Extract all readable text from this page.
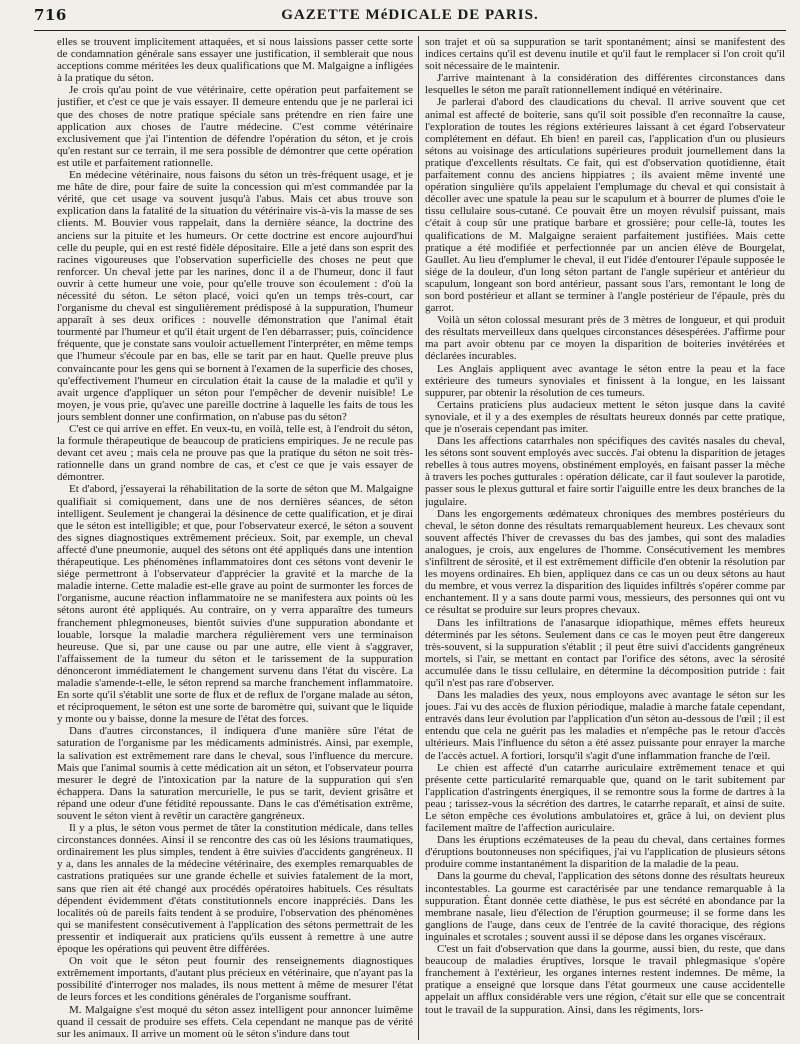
716	GAZETTE MéDICALE DE PARIS.

elles se trouvent implicitement attaquées, et si nous laissions passer cette sorte de condamnation générale sans essayer une justification, il semblerait que nous acceptions comme méritées les deux qualifications que M. Malgaigne a infligées à la pratique du séton.

Je crois qu'au point de vue vétérinaire, cette opération peut parfaitement se justifier, et c'est ce que je vais essayer. Il demeure entendu que je ne parlerai ici que des choses de notre pratique spéciale sans prétendre en rien faire une application aux choses de l'autre médecine. C'est comme vétérinaire exclusivement que j'ai l'intention de défendre l'opération du séton, et je crois qu'en restant sur ce terrain, il me sera possible de démontrer que cette opération est utile et parfaitement rationnelle.

En médecine vétérinaire, nous faisons du séton un très-fréquent usage, et je me hâte de dire, pour faire de suite la concession qui m'est commandée par la vérité, que cet usage va souvent jusqu'à l'abus. Mais cet abus trouve son explication dans la fatalité de la situation du vétérinaire vis-à-vis la masse de ses clients. M. Bouvier vous rappelait, dans la dernière séance, la doctrine des anciens sur la pituite et les humeurs. Or cette doctrine est encore aujourd'hui celle du peuple, qui en est resté fidèle dépositaire. Elle a jeté dans son esprit des racines vigoureuses que l'observation superficielle des choses ne peut que renforcer. Un cheval jette par les narines, donc il a de l'humeur, donc il faut ouvrir à cette humeur une voie, pour qu'elle trouve son écoulement : d'où la nécessité du séton. Le séton placé, voici qu'en un temps très-court, car l'organisme du cheval est singulièrement prédisposé à la suppuration, l'humeur apparaît à ses deux orifices : nouvelle démonstration que l'animal était tourmenté par l'humeur et qu'il était urgent de l'en débarrasser; puis, coïncidence fréquente, que je constate sans vouloir actuellement l'interpréter, en même temps que l'humeur s'écoule par en bas, elle se tarit par en haut. Quelle preuve plus convaincante pour les gens qui se bornent à l'examen de la superficie des choses, qu'effectivement l'humeur en circulation était la cause de la maladie et qu'il y avait urgence d'appliquer un séton pour l'empêcher de devenir nuisible! Le moyen, je vous prie, qu'avec une pareille doctrine à laquelle les faits de tous les jours semblent donner une confirmation, on n'abuse pas du séton?

C'est ce qui arrive en effet. En veux-tu, en voilà, telle est, à l'endroit du séton, la formule thérapeutique de beaucoup de praticiens empiriques. Je ne recule pas devant cet aveu ; mais cela ne prouve pas que la pratique du séton ne soit très-rationnelle dans un grand nombre de cas, et c'est ce que je vais essayer de démontrer.

Et d'abord, j'essayerai la réhabilitation de la sorte de séton que M. Malgaigne qualifiait si comiquement, dans une de nos dernières séances, de séton intelligent. Seulement je changerai la désinence de cette qualification, et je dirai que le séton est intelligible; et que, pour l'observateur exercé, le séton a souvent des signes diagnostiques extrêmement précieux. Soit, par exemple, un cheval affecté d'une pneumonie, auquel des sétons ont été appliqués dans une intention thérapeutique. Les phénomènes inflammatoires dont ces sétons vont devenir le siége permettront à l'observateur d'apprécier la gravité et la marche de la maladie interne. Cette maladie est-elle grave au point de surmonter les forces de l'organisme, aucune réaction inflammatoire ne se manifestera aux points où les sétons auront été appliqués. Au contraire, on y verra apparaître des tumeurs franchement phlegmoneuses, bientôt suivies d'une suppuration abondante et louable, lorsque la maladie marchera régulièrement vers une terminaison heureuse. Que si, par une cause ou par une autre, elle vient à s'aggraver, l'affaissement de la tumeur du séton et le tarissement de la suppuration dénonceront immédiatement le changement survenu dans l'état du viscère. La maladie s'amende-t-elle, le séton reprend sa marche franchement inflammatoire. En sorte qu'il s'établit une sorte de flux et de reflux de l'organe malade au séton, et réciproquement, le séton est une sorte de baromètre qui, suivant que le liquide y monte ou y baisse, donne la mesure de l'état des forces.

Dans d'autres circonstances, il indiquera d'une manière sûre l'état de saturation de l'organisme par les médicaments administrés. Ainsi, par exemple, la salivation est extrêmement rare dans le cheval, sous l'influence du mercure. Mais que l'animal soumis à cette médication ait un séton, et l'observateur pourra mesurer le degré de l'intoxication par la nature de la suppuration qui s'en échappera. Dans la saturation mercurielle, le pus se tarit, devient grisâtre et répand une odeur d'une fétidité repoussante. Dans le cas d'émétisation extrême, souvent le séton vient à revêtir un caractère gangréneux.

Il y a plus, le séton vous permet de tâter la constitution médicale, dans telles circonstances données. Ainsi il se rencontre des cas où les lésions traumatiques, ordinairement les plus simples, tendent à être suivies d'accidents gangréneux. Il y a, dans les annales de la médecine vétérinaire, des exemples remarquables de castrations pratiquées sur une grande échelle et suivies fatalement de la mort, sans que rien ait été changé aux procédés opératoires habituels. Ces résultats dépendent évidemment d'états constitutionnels encore inappréciés. Dans les localités où de pareils faits tendent à se produire, l'observation des phénomènes qui se manifestent consécutivement à l'application des sétons permettrait de les pressentir et indiquerait aux praticiens qu'ils eussent à remettre à une autre époque les opérations qui peuvent être différées.

On voit que le séton peut fournir des renseignements diagnostiques extrêmement importants, d'autant plus précieux en vétérinaire, que n'ayant pas la possibilité d'interroger nos malades, ils nous mettent à même de mesurer l'état de leurs forces et les conditions générales de l'organisme souffrant.

M. Malgaigne s'est moqué du séton assez intelligent pour annoncer luimême quand il cessait de produire ses effets. Cela cependant ne manque pas de vérité sur les animaux. Il arrive un moment où le séton s'indure dans tout

son trajet et où sa suppuration se tarit spontanément; ainsi se manifestent des indices certains qu'il est devenu inutile et qu'il faut le remplacer si l'on croit qu'il soit nécessaire de le maintenir.

J'arrive maintenant à la considération des différentes circonstances dans lesquelles le séton me paraît rationnellement indiqué en vétérinaire.

Je parlerai d'abord des claudications du cheval. Il arrive souvent que cet animal est affecté de boiterie, sans qu'il soit possible d'en reconnaître la cause, l'exploration de toutes les régions extérieures laissant à cet égard l'observateur complétement en défaut. Eh bien! en pareil cas, l'application d'un ou plusieurs sétons au voisinage des articulations supérieures produit journellement dans la pratique d'excellents résultats. Ce fait, qui est d'observation quotidienne, était parfaitement connu des anciens hippiatres ; ils avaient même inventé une opération singulière qu'ils appelaient l'emplumage du cheval et qui consistait à décoller avec une spatule la peau sur le scapulum et à bourrer de plumes d'oie le tissu cellulaire sous-cutané. Ce pouvait être un moyen révulsif puissant, mais c'était à coup sûr une pratique barbare et grossière; pour celle-là, toutes les qualifications de M. Malgaigne seraient parfaitement justifiées. Mais cette pratique a été modifiée et perfectionnée par un ancien élève de Bourgelat, Gaullet. Au lieu d'emplumer le cheval, il eut l'idée d'entourer l'épaule supposée le siége de la douleur, d'un long séton partant de l'angle supérieur et antérieur du scapulum, longeant son bord antérieur, passant sous l'ars, remontant le long de son bord postérieur et allant se terminer à l'angle postérieur de l'épaule, près du garrot.

Voilà un séton colossal mesurant près de 3 mètres de longueur, et qui produit des résultats merveilleux dans quelques circonstances désespérées. J'affirme pour ma part avoir obtenu par ce moyen la disparition de boiteries invétérées et déclarées incurables.

Les Anglais appliquent avec avantage le séton entre la peau et la face extérieure des tumeurs synoviales et finissent à la longue, en les laissant suppurer, par obtenir la résolution de ces tumeurs.

Certains praticiens plus audacieux mettent le séton jusque dans la cavité synoviale, et il y a des exemples de résultats heureux donnés par cette pratique, que je n'oserais cependant pas imiter.

Dans les affections catarrhales non spécifiques des cavités nasales du cheval, les sétons sont souvent employés avec succès. J'ai obtenu la disparition de jetages rebelles à tous autres moyens, obstinément employés, en faisant passer la mèche à travers les poches gutturales : opération délicate, car il faut soulever la parotide, passer sous le plexus guttural et faire sortir l'aiguille entre les deux branches de la jugulaire.

Dans les engorgements œdémateux chroniques des membres postérieurs du cheval, le séton donne des résultats remarquablement heureux. Les chevaux sont souvent affectés l'hiver de crevasses du bas des jambes, qui sont des maladies analogues, je crois, aux engelures de l'homme. Consécutivement les membres s'infiltrent de sérosité, et il est extrêmement difficile d'en obtenir la résolution par les moyens ordinaires. Eh bien, appliquez dans ce cas un ou deux sétons au haut du membre, et vous verrez la disparition des liquides infiltrés s'opérer comme par enchantement. Il y a sans doute parmi vous, messieurs, des personnes qui ont vu ce résultat se produire sur leurs propres chevaux.

Dans les infiltrations de l'anasarque idiopathique, mêmes effets heureux déterminés par les sétons. Seulement dans ce cas le moyen peut être dangereux très-souvent, si la suppuration s'établit ; il peut être suivi d'accidents gangréneux mortels, si l'air, se mettant en contact par l'orifice des sétons, avec la sérosité accumulée dans le tissu cellulaire, en détermine la décomposition putride : fait qu'il n'est pas rare d'observer.

Dans les maladies des yeux, nous employons avec avantage le séton sur les joues. J'ai vu des accès de fluxion périodique, maladie à marche fatale cependant, entravés dans leur évolution par l'application d'un séton au-dessous de l'œil ; il est entendu que cela ne guérit pas les maladies et n'empêche pas le retour d'accès ultérieurs. Mais l'influence du séton a été assez puissante pour enrayer la marche de l'accès actuel. A fortiori, lorsqu'il s'agit d'une inflammation franche de l'œil.

Le chien est affecté d'un catarrhe auriculaire extrêmement tenace et qui présente cette particularité remarquable que, quand on le tarit subitement par l'application d'astringents énergiques, il se remontre sous la forme de dartres à la peau ; tarissez-vous la sécrétion des dartres, le catarrhe reparaît, et ainsi de suite. Le séton empêche ces évolutions ambulatoires et, grâce à lui, on devient plus facilement maître de l'affection auriculaire.

Dans les éruptions eczémateuses de la peau du cheval, dans certaines formes d'éruptions boutonneuses non spécifiques, j'ai vu l'application de plusieurs sétons produire comme instantanément la disparition de la maladie de la peau.

Dans la gourme du cheval, l'application des sétons donne des résultats heureux incontestables. La gourme est caractérisée par une tendance remarquable à la suppuration. Étant donnée cette diathèse, le pus est sécrété en abondance par la membrane nasale, lieu d'élection de l'éruption gourmeuse; il se forme dans les ganglions de l'auge, dans ceux de l'entrée de la cavité thoracique, des régions inguinales et scrotales ; souvent aussi il se dépose dans les organes viscéraux.

C'est un fait d'observation que dans la gourme, aussi bien, du reste, que dans beaucoup de maladies éruptives, lorsque le travail phlegmasique s'opère franchement à l'extérieur, les organes internes restent indemnes. De même, la pratique a enseigné que lorsque dans l'état gourmeux une cause accidentelle appelait un afflux considérable vers une région, c'était sur elle que se concentrait tout le travail de la suppuration. Ainsi, dans les régiments, lors-
